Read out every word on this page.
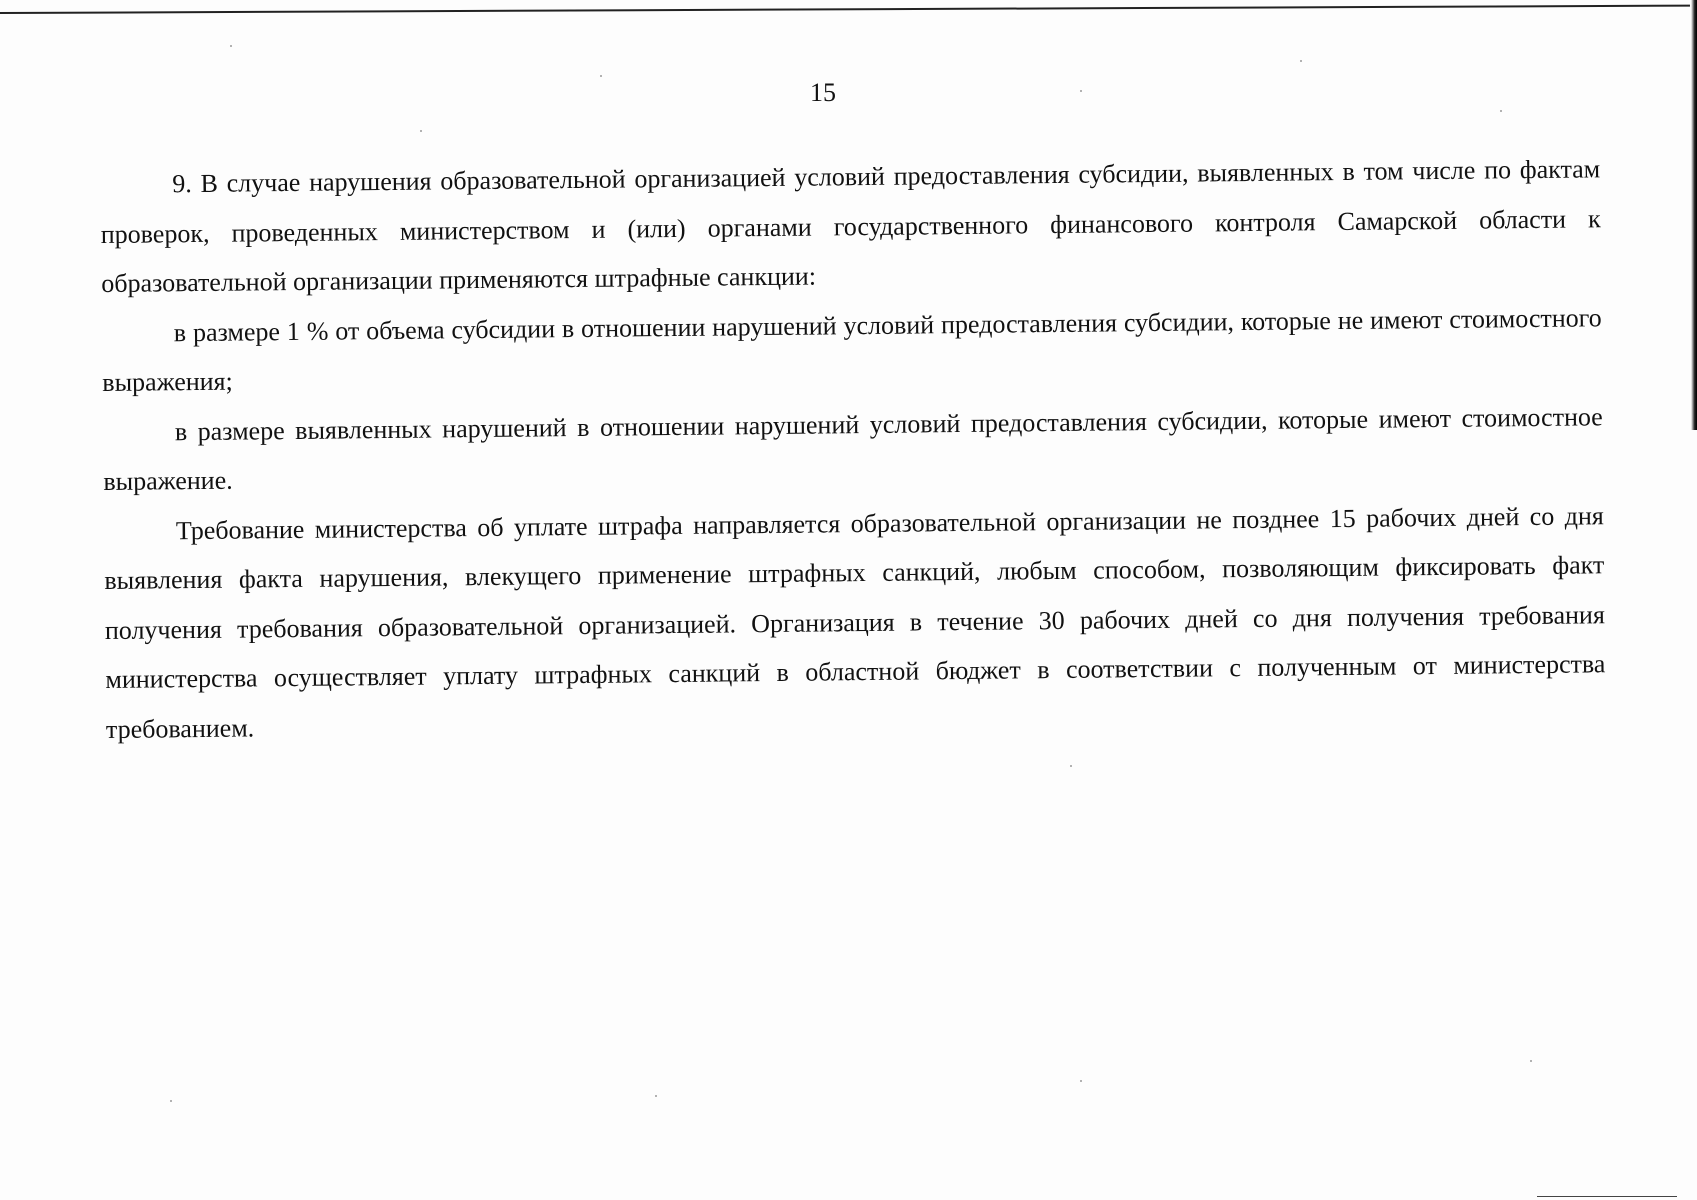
15

9. В случае нарушения образовательной организацией условий предоставления субсидии, выявленных в том числе по фактам проверок, проведенных министерством и (или) органами государственного финансового контроля Самарской области к образовательной организации применяются штрафные санкции:

в размере 1 % от объема субсидии в отношении нарушений условий предоставления субсидии, которые не имеют стоимостного выражения;

в размере выявленных нарушений в отношении нарушений условий предоставления субсидии, которые имеют стоимостное выражение.

Требование министерства об уплате штрафа направляется образовательной организации не позднее 15 рабочих дней со дня выявления факта нарушения, влекущего применение штрафных санкций, любым способом, позволяющим фиксировать факт получения требования образовательной организацией. Организация в течение 30 рабочих дней со дня получения требования министерства осуществляет уплату штрафных санкций в областной бюджет в соответствии с полученным от министерства требованием.
